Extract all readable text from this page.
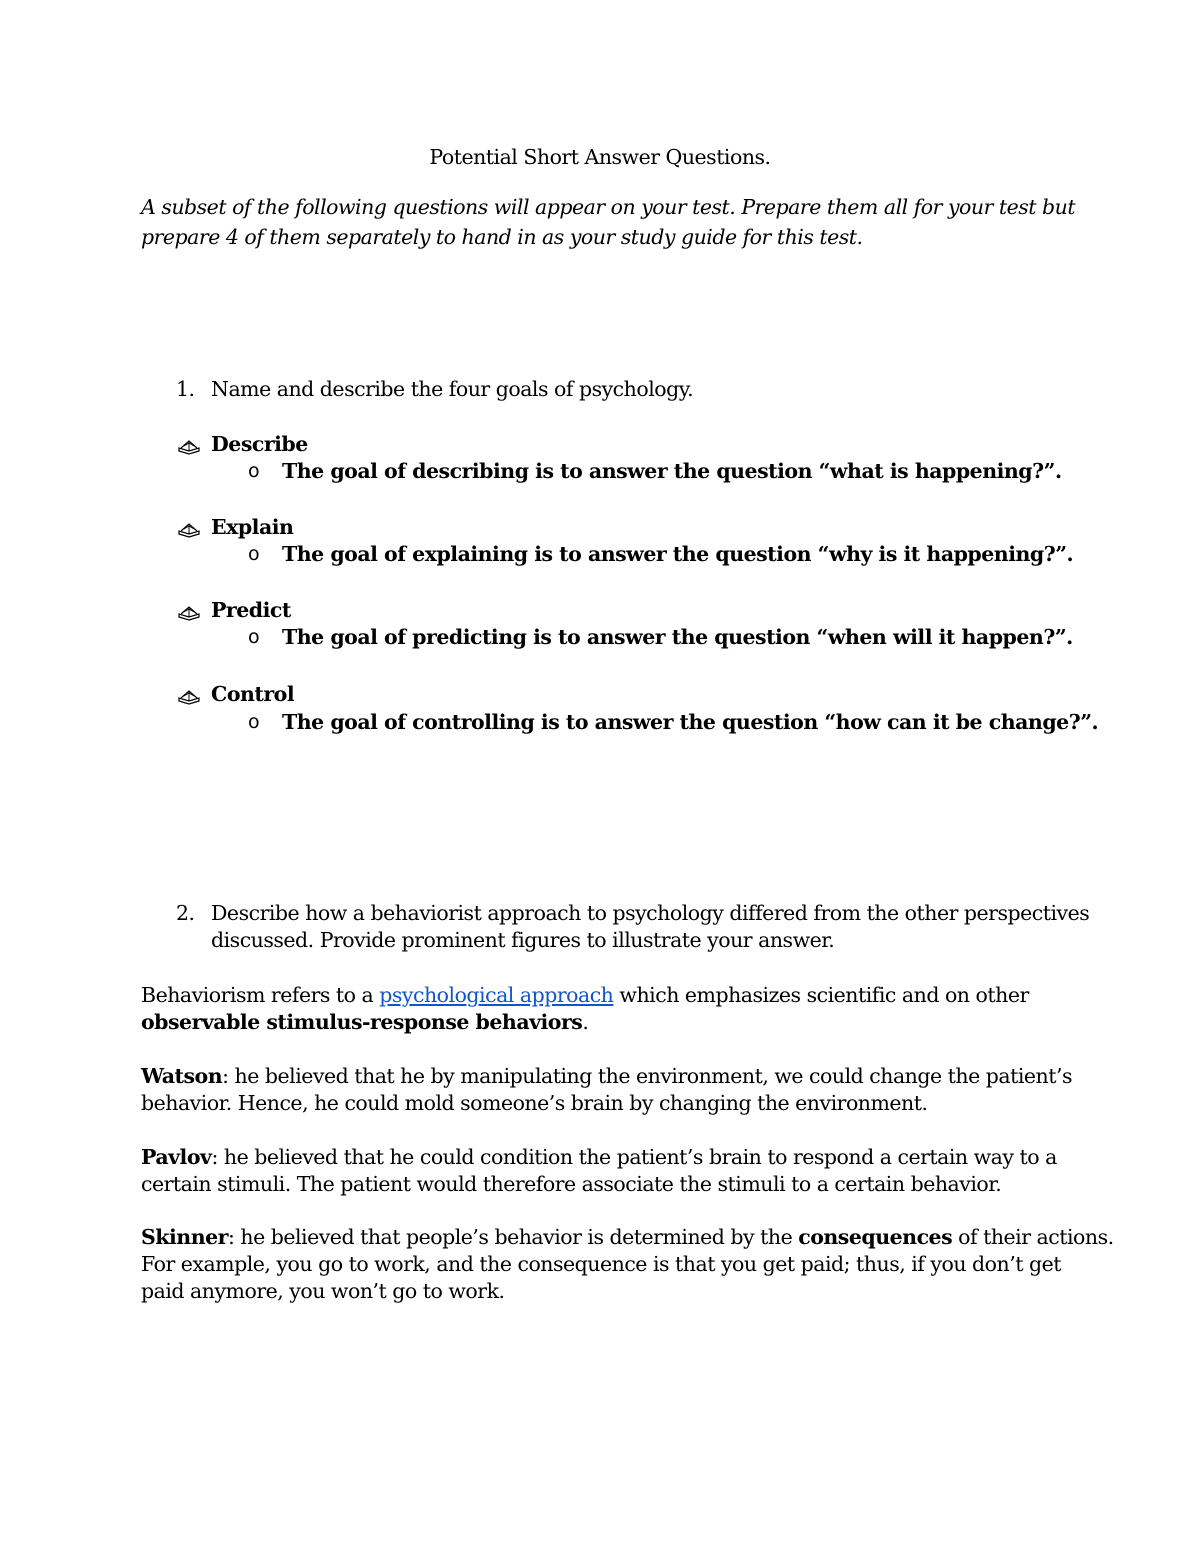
Potential Short Answer Questions.
A subset of the following questions will appear on your test. Prepare them all for your test but
prepare 4 of them separately to hand in as your study guide for this test.
1. Name and describe the four goals of psychology.
Describe
o The goal of describing is to answer the question “what is happening?”.
Explain
o The goal of explaining is to answer the question “why is it happening?”.
Predict
o The goal of predicting is to answer the question “when will it happen?”.
Control
o The goal of controlling is to answer the question “how can it be change?”.
2. Describe how a behaviorist approach to psychology differed from the other perspectives
discussed. Provide prominent figures to illustrate your answer.
Behaviorism refers to a psychological approach which emphasizes scientific and on other
observable stimulus-response behaviors.
Watson: he believed that he by manipulating the environment, we could change the patient’s
behavior. Hence, he could mold someone’s brain by changing the environment.
Pavlov: he believed that he could condition the patient’s brain to respond a certain way to a
certain stimuli. The patient would therefore associate the stimuli to a certain behavior.
Skinner: he believed that people’s behavior is determined by the consequences of their actions.
For example, you go to work, and the consequence is that you get paid; thus, if you don’t get
paid anymore, you won’t go to work.
